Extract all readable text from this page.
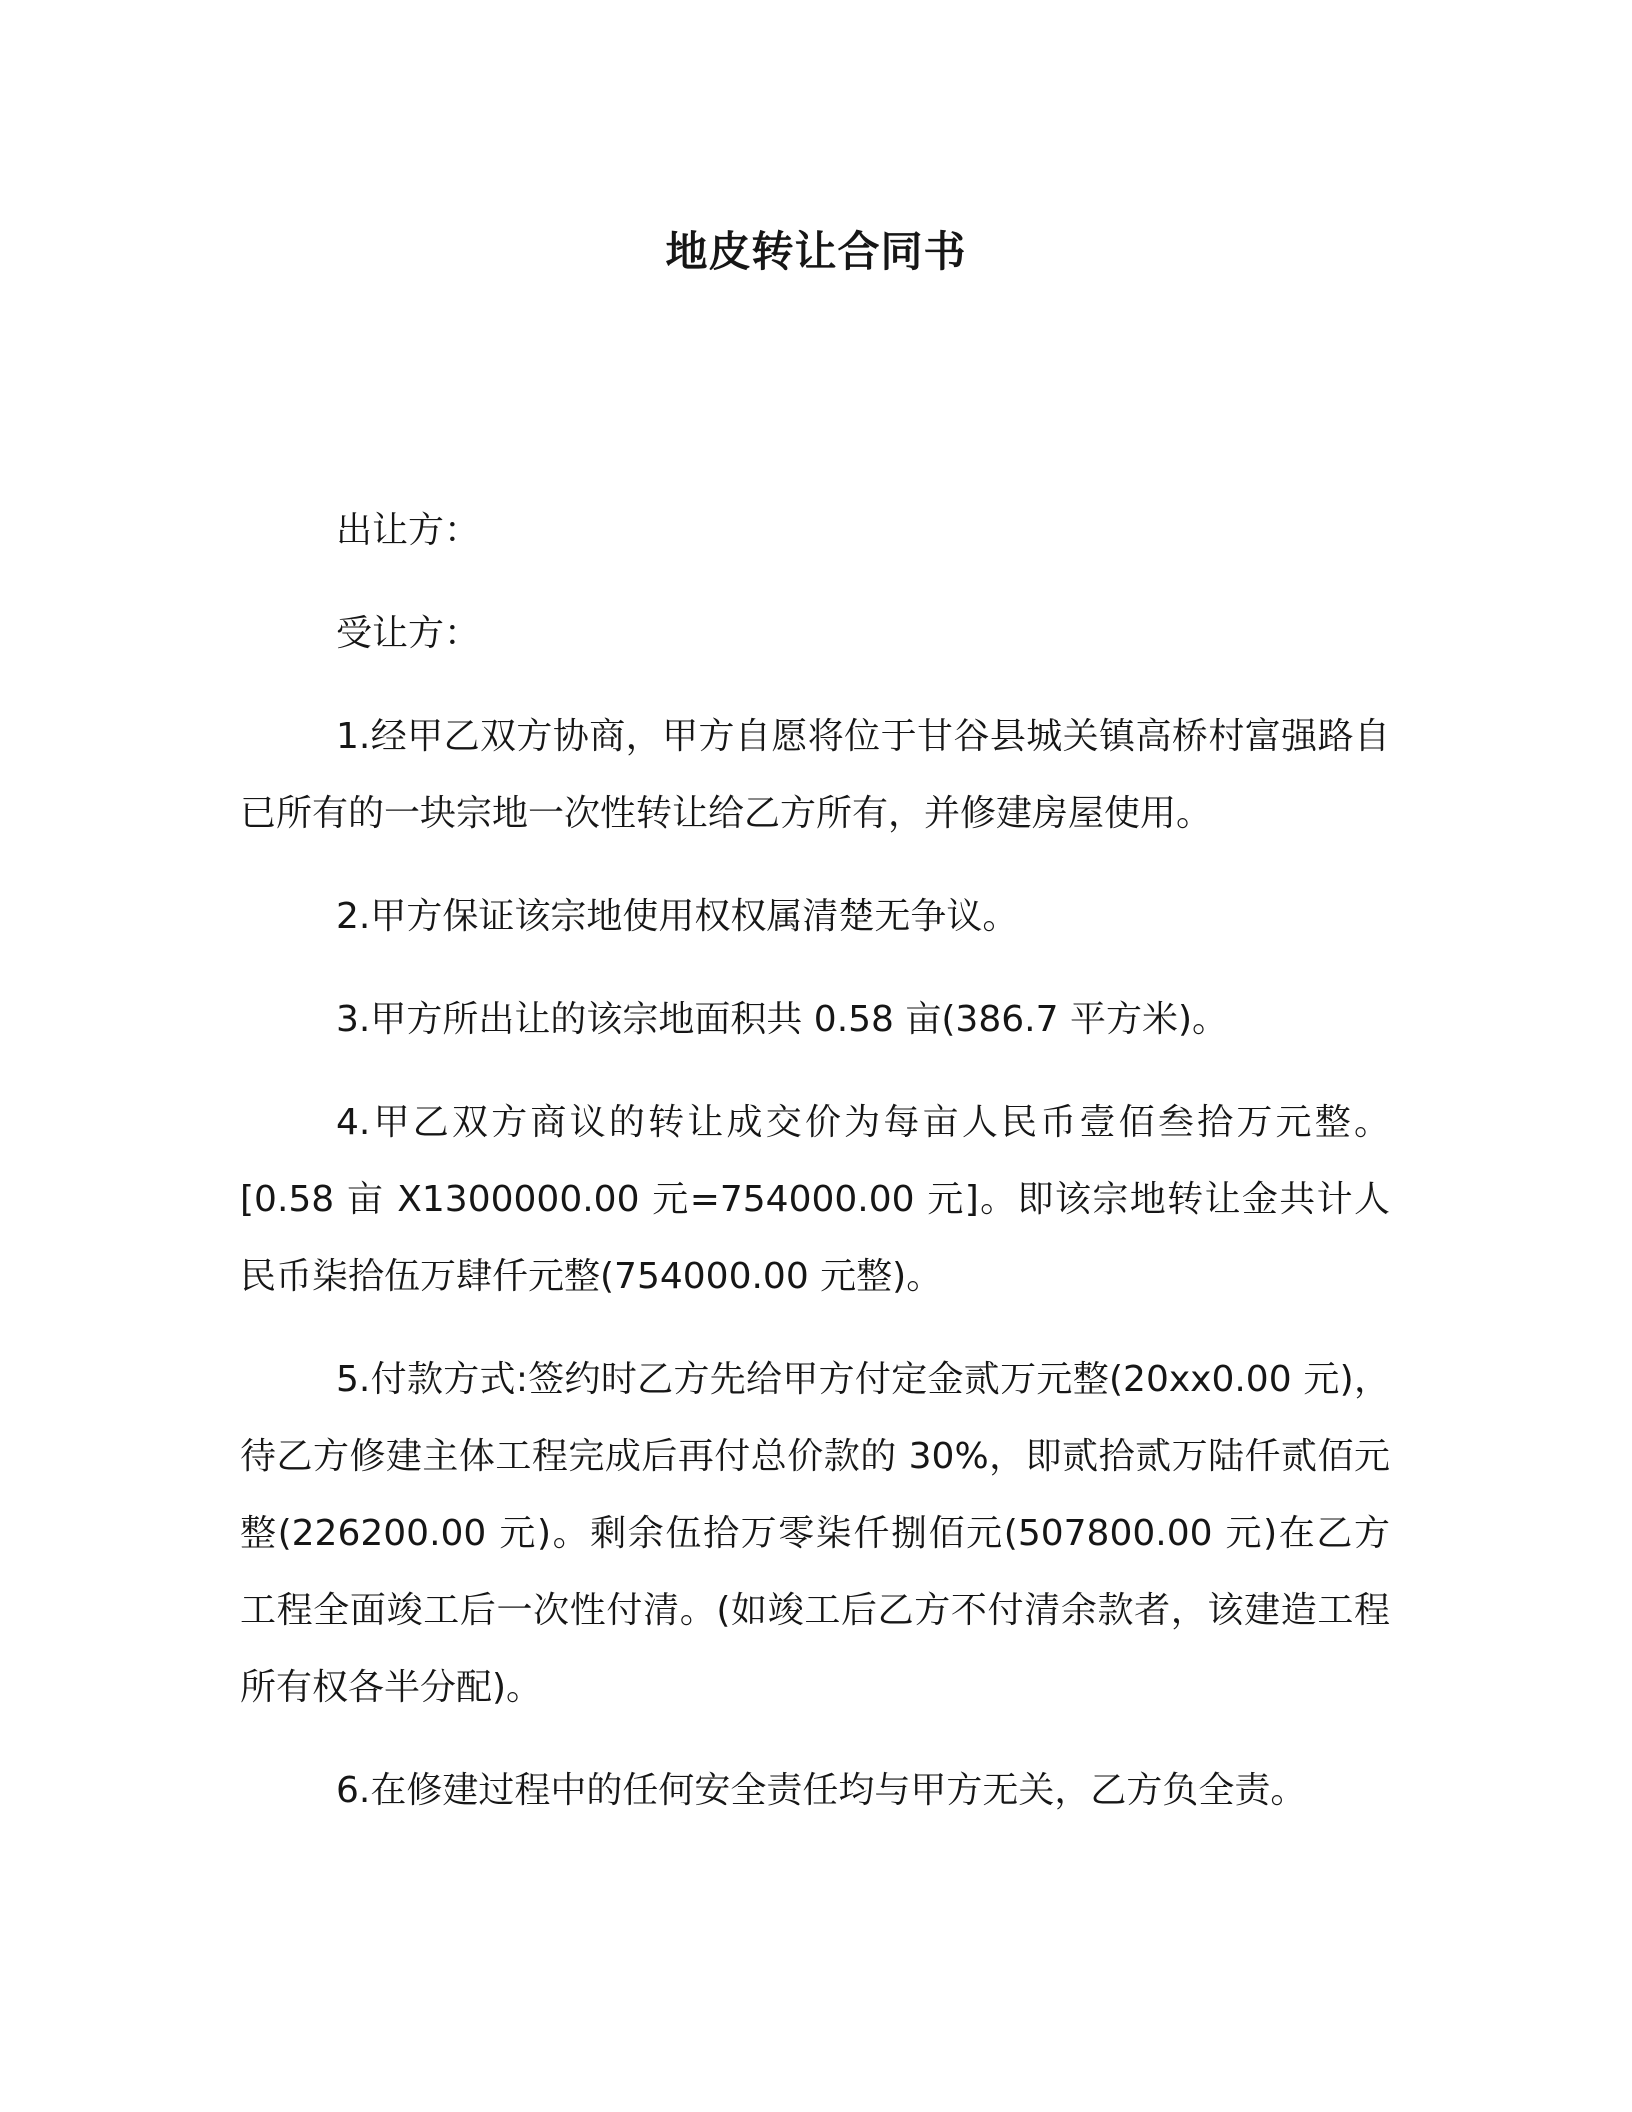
地皮转让合同书

出让方：

受让方：

1.经甲乙双方协商，甲方自愿将位于甘谷县城关镇高桥村富强路自已所有的一块宗地一次性转让给乙方所有，并修建房屋使用。

2.甲方保证该宗地使用权权属清楚无争议。

3.甲方所出让的该宗地面积共 0.58 亩(386.7 平方米)。

4.甲乙双方商议的转让成交价为每亩人民币壹佰叁拾万元整。[0.58 亩 X1300000.00 元=754000.00 元]。即该宗地转让金共计人民币柒拾伍万肆仟元整(754000.00 元整)。

5.付款方式:签约时乙方先给甲方付定金贰万元整(20xx0.00 元)，待乙方修建主体工程完成后再付总价款的 30%，即贰拾贰万陆仟贰佰元整(226200.00 元)。剩余伍拾万零柒仟捌佰元(507800.00 元)在乙方工程全面竣工后一次性付清。(如竣工后乙方不付清余款者，该建造工程所有权各半分配)。

6.在修建过程中的任何安全责任均与甲方无关，乙方负全责。
